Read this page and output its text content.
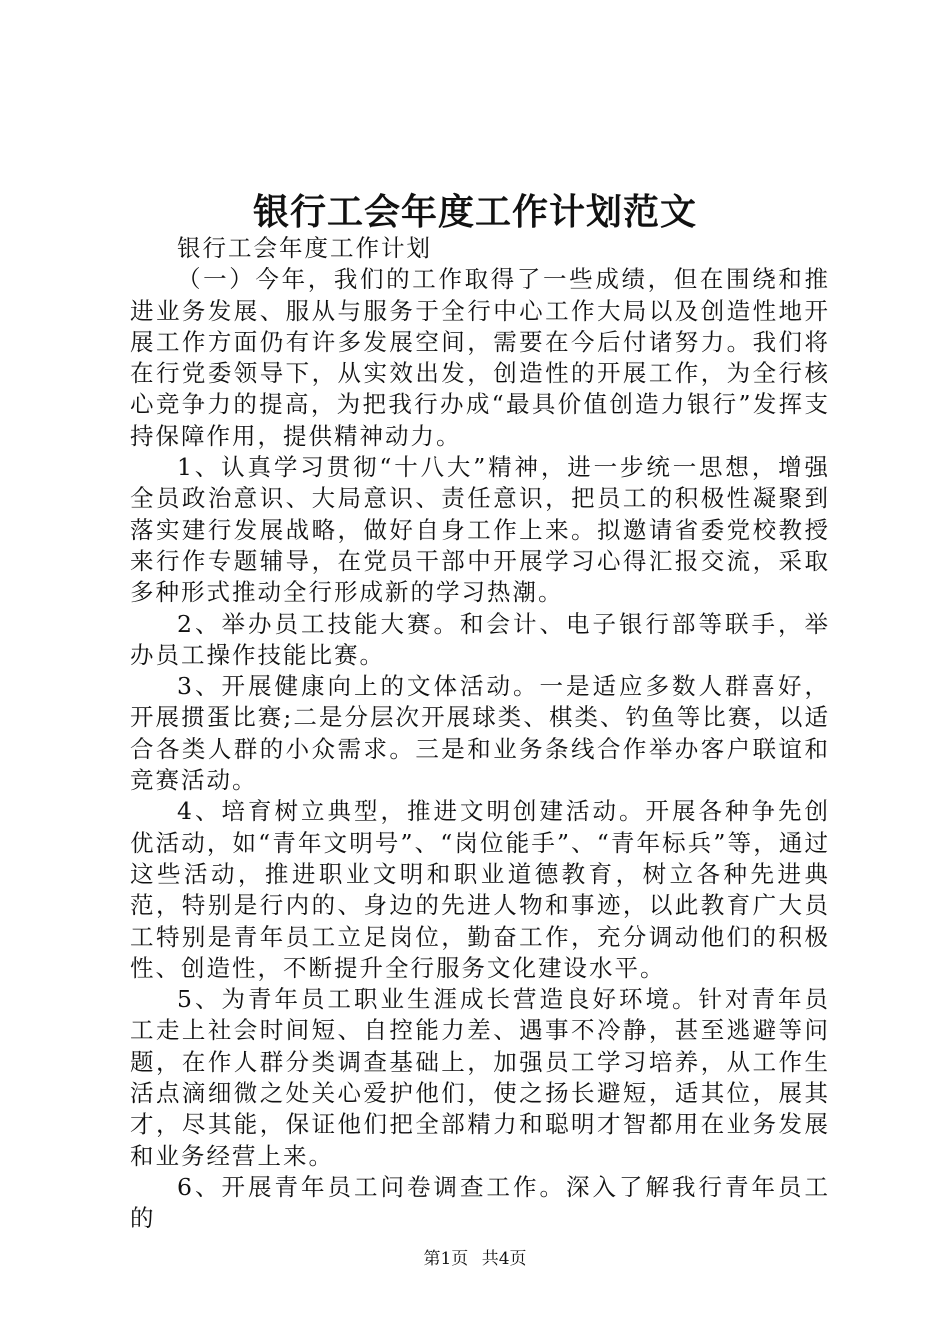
银行工会年度工作计划范文

银行工会年度工作计划

（一）今年，我们的工作取得了一些成绩，但在围绕和推进业务发展、服从与服务于全行中心工作大局以及创造性地开展工作方面仍有许多发展空间，需要在今后付诸努力。我们将在行党委领导下，从实效出发，创造性的开展工作，为全行核心竞争力的提高，为把我行办成“最具价值创造力银行”发挥支持保障作用，提供精神动力。

1、认真学习贯彻“十八大”精神，进一步统一思想，增强全员政治意识、大局意识、责任意识，把员工的积极性凝聚到落实建行发展战略，做好自身工作上来。拟邀请省委党校教授来行作专题辅导，在党员干部中开展学习心得汇报交流，采取多种形式推动全行形成新的学习热潮。

2、举办员工技能大赛。和会计、电子银行部等联手，举办员工操作技能比赛。

3、开展健康向上的文体活动。一是适应多数人群喜好，开展掼蛋比赛;二是分层次开展球类、棋类、钓鱼等比赛，以适合各类人群的小众需求。三是和业务条线合作举办客户联谊和竞赛活动。

4、培育树立典型，推进文明创建活动。开展各种争先创优活动，如“青年文明号”、“岗位能手”、“青年标兵”等，通过这些活动，推进职业文明和职业道德教育，树立各种先进典范，特别是行内的、身边的先进人物和事迹，以此教育广大员工特别是青年员工立足岗位，勤奋工作，充分调动他们的积极性、创造性，不断提升全行服务文化建设水平。

5、为青年员工职业生涯成长营造良好环境。针对青年员工走上社会时间短、自控能力差、遇事不冷静，甚至逃避等问题，在作人群分类调查基础上，加强员工学习培养，从工作生活点滴细微之处关心爱护他们，使之扬长避短，适其位，展其才，尽其能，保证他们把全部精力和聪明才智都用在业务发展和业务经营上来。

6、开展青年员工问卷调查工作。深入了解我行青年员工的

第1页 共4页
